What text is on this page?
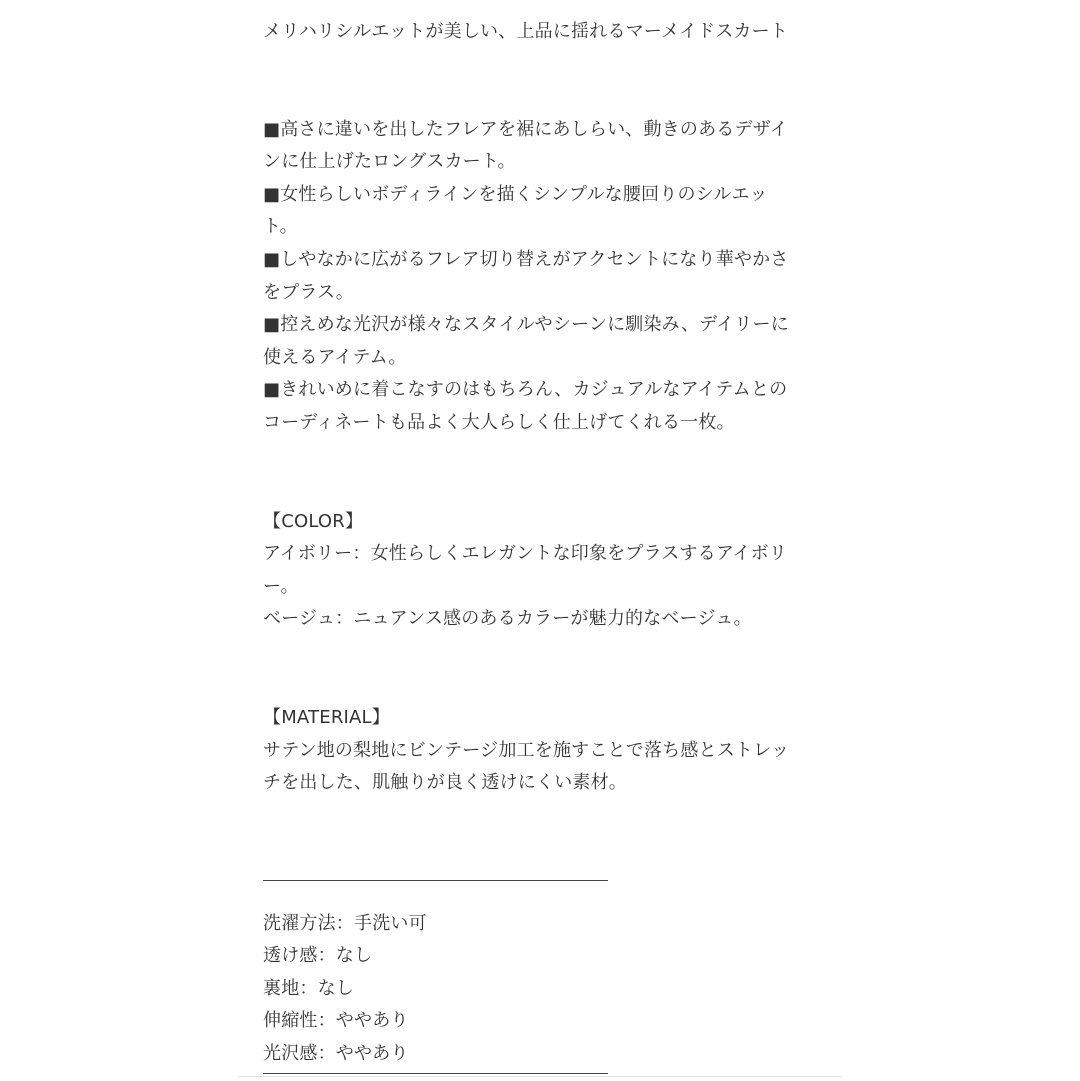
メリハリシルエットが美しい、上品に揺れるマーメイドスカート

■高さに違いを出したフレアを裾にあしらい、動きのあるデザイ

ンに仕上げたロングスカート。

■女性らしいボディラインを描くシンプルな腰回りのシルエッ

ト。

■しやなかに広がるフレア切り替えがアクセントになり華やかさ

をプラス。

■控えめな光沢が様々なスタイルやシーンに馴染み、デイリーに

使えるアイテム。

■きれいめに着こなすのはもちろん、カジュアルなアイテムとの

コーディネートも品よく大人らしく仕上げてくれる一枚。

【COLOR】

アイボリー：女性らしくエレガントな印象をプラスするアイボリ

ー。

ベージュ：ニュアンス感のあるカラーが魅力的なベージュ。

【MATERIAL】

サテン地の梨地にビンテージ加工を施すことで落ち感とストレッ

チを出した、肌触りが良く透けにくい素材。

洗濯方法：手洗い可

透け感：なし

裏地：なし

伸縮性：ややあり

光沢感：ややあり
